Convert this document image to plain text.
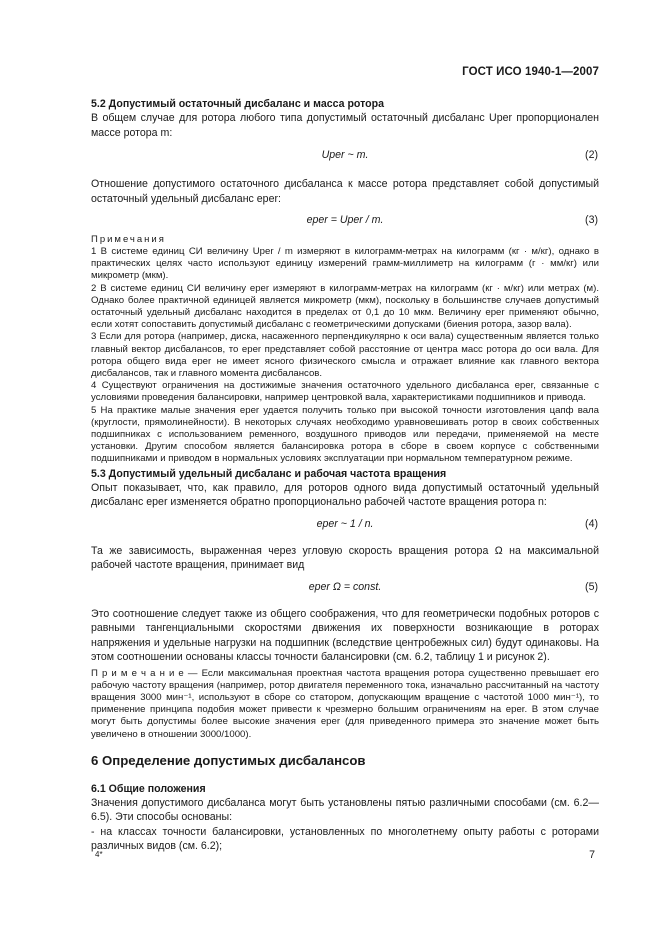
ГОСТ ИСО 1940-1—2007

5.2 Допустимый остаточный дисбаланс и масса ротора

В общем случае для ротора любого типа допустимый остаточный дисбаланс Uper пропорционален массе ротора m:

Uper ~ m.	(2)

Отношение допустимого остаточного дисбаланса к массе ротора представляет собой допустимый остаточный удельный дисбаланс eper:

eper = Uper / m.	(3)

Примечания

1 В системе единиц СИ величину Uper / m измеряют в килограмм-метрах на килограмм (кг · м/кг), однако в практических целях часто используют единицу измерений грамм-миллиметр на килограмм (г · мм/кг) или микрометр (мкм).

2 В системе единиц СИ величину eper измеряют в килограмм-метрах на килограмм (кг · м/кг) или метрах (м). Однако более практичной единицей является микрометр (мкм), поскольку в большинстве случаев допустимый остаточный удельный дисбаланс находится в пределах от 0,1 до 10 мкм. Величину eper применяют обычно, если хотят сопоставить допустимый дисбаланс с геометрическими допусками (биения ротора, зазор вала).

3 Если для ротора (например, диска, насаженного перпендикулярно к оси вала) существенным является только главный вектор дисбалансов, то eper представляет собой расстояние от центра масс ротора до оси вала. Для ротора общего вида eper не имеет ясного физического смысла и отражает влияние как главного вектора дисбалансов, так и главного момента дисбалансов.

4 Существуют ограничения на достижимые значения остаточного удельного дисбаланса eper, связанные с условиями проведения балансировки, например центровкой вала, характеристиками подшипников и привода.

5 На практике малые значения eper удается получить только при высокой точности изготовления цапф вала (круглости, прямолинейности). В некоторых случаях необходимо уравновешивать ротор в своих собственных подшипниках с использованием ременного, воздушного приводов или передачи, применяемой на месте установки. Другим способом является балансировка ротора в сборе в своем корпусе с собственными подшипниками и приводом в нормальных условиях эксплуатации при нормальном температурном режиме.

5.3 Допустимый удельный дисбаланс и рабочая частота вращения

Опыт показывает, что, как правило, для роторов одного вида допустимый остаточный удельный дисбаланс eper изменяется обратно пропорционально рабочей частоте вращения ротора n:

eper ~ 1 / n.	(4)

Та же зависимость, выраженная через угловую скорость вращения ротора Ω на максимальной рабочей частоте вращения, принимает вид

eper Ω = const.	(5)

Это соотношение следует также из общего соображения, что для геометрически подобных роторов с равными тангенциальными скоростями движения их поверхности возникающие в роторах напряжения и удельные нагрузки на подшипник (вследствие центробежных сил) будут одинаковы. На этом соотношении основаны классы точности балансировки (см. 6.2, таблицу 1 и рисунок 2).

П р и м е ч а н и е — Если максимальная проектная частота вращения ротора существенно превышает его рабочую частоту вращения (например, ротор двигателя переменного тока, изначально рассчитанный на частоту вращения 3000 мин⁻¹, используют в сборе со статором, допускающим вращение с частотой 1000 мин⁻¹), то применение принципа подобия может привести к чрезмерно большим ограничениям на eper. В этом случае могут быть допустимы более высокие значения eper (для приведенного примера это значение может быть увеличено в отношении 3000/1000).

6 Определение допустимых дисбалансов

6.1 Общие положения

Значения допустимого дисбаланса могут быть установлены пятью различными способами (см. 6.2—6.5). Эти способы основаны:

- на классах точности балансировки, установленных по многолетнему опыту работы с роторами различных видов (см. 6.2);

4*	7
